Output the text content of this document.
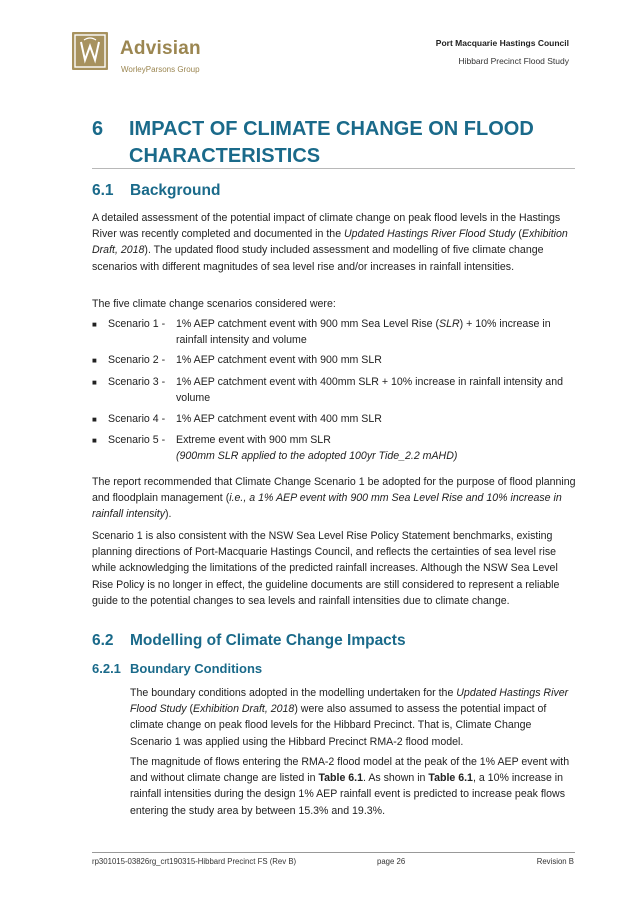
Advisian
WorleyParsons Group
Port Macquarie Hastings Council
Hibbard Precinct Flood Study
6 IMPACT OF CLIMATE CHANGE ON FLOOD CHARACTERISTICS
6.1 Background
A detailed assessment of the potential impact of climate change on peak flood levels in the Hastings River was recently completed and documented in the Updated Hastings River Flood Study (Exhibition Draft, 2018). The updated flood study included assessment and modelling of five climate change scenarios with different magnitudes of sea level rise and/or increases in rainfall intensities.
The five climate change scenarios considered were:
■ Scenario 1 - 1% AEP catchment event with 900 mm Sea Level Rise (SLR) + 10% increase in rainfall intensity and volume
■ Scenario 2 - 1% AEP catchment event with 900 mm SLR
■ Scenario 3 - 1% AEP catchment event with 400mm SLR + 10% increase in rainfall intensity and volume
■ Scenario 4 - 1% AEP catchment event with 400 mm SLR
■ Scenario 5 - Extreme event with 900 mm SLR
(900mm SLR applied to the adopted 100yr Tide_2.2 mAHD)
The report recommended that Climate Change Scenario 1 be adopted for the purpose of flood planning and floodplain management (i.e., a 1% AEP event with 900 mm Sea Level Rise and 10% increase in rainfall intensity).
Scenario 1 is also consistent with the NSW Sea Level Rise Policy Statement benchmarks, existing planning directions of Port-Macquarie Hastings Council, and reflects the certainties of sea level rise while acknowledging the limitations of the predicted rainfall increases. Although the NSW Sea Level Rise Policy is no longer in effect, the guideline documents are still considered to represent a reliable guide to the potential changes to sea levels and rainfall intensities due to climate change.
6.2 Modelling of Climate Change Impacts
6.2.1 Boundary Conditions
The boundary conditions adopted in the modelling undertaken for the Updated Hastings River Flood Study (Exhibition Draft, 2018) were also assumed to assess the potential impact of climate change on peak flood levels for the Hibbard Precinct. That is, Climate Change Scenario 1 was applied using the Hibbard Precinct RMA-2 flood model.
The magnitude of flows entering the RMA-2 flood model at the peak of the 1% AEP event with and without climate change are listed in Table 6.1. As shown in Table 6.1, a 10% increase in rainfall intensities during the design 1% AEP rainfall event is predicted to increase peak flows entering the study area by between 15.3% and 19.3%.
rp301015-03826rg_crt190315-Hibbard Precinct FS (Rev B)	page 26	Revision B
